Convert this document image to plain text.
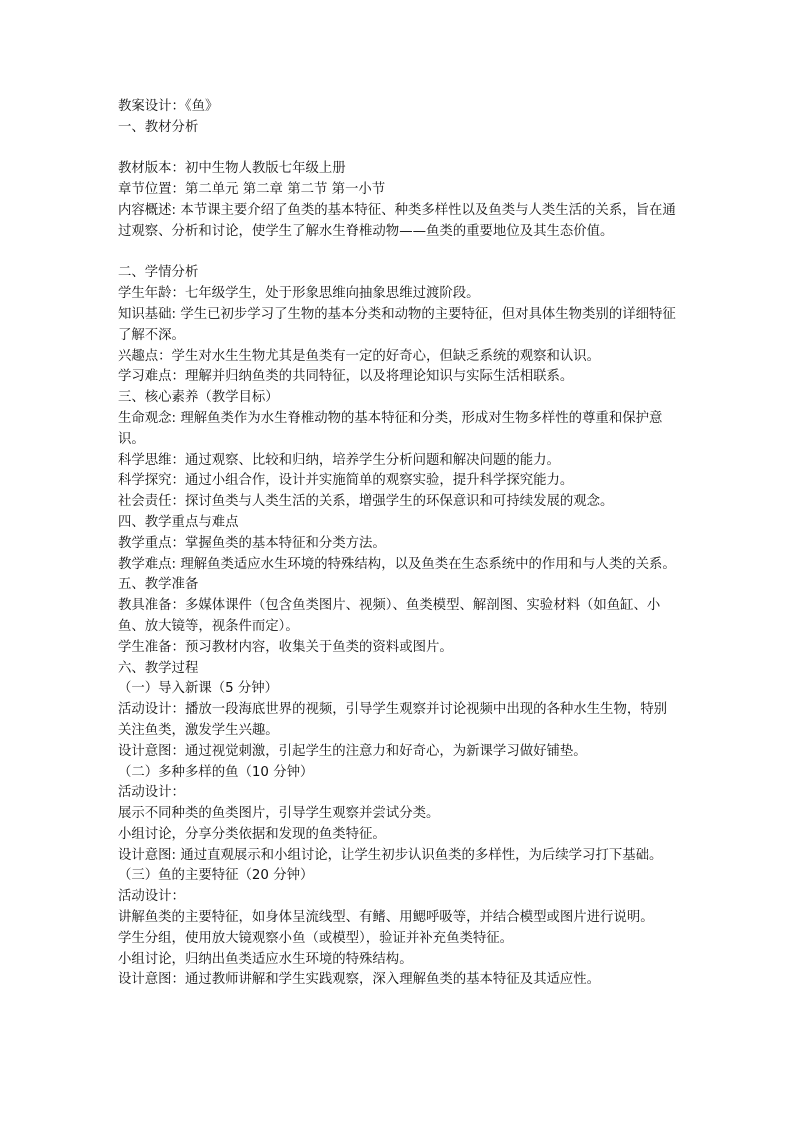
教案设计：《鱼》

一、教材分析

教材版本：初中生物人教版七年级上册

章节位置：第二单元 第二章 第二节 第一小节

内容概述: 本节课主要介绍了鱼类的基本特征、种类多样性以及鱼类与人类生活的关系，旨在通过观察、分析和讨论，使学生了解水生脊椎动物——鱼类的重要地位及其生态价值。

二、学情分析

学生年龄：七年级学生，处于形象思维向抽象思维过渡阶段。

知识基础: 学生已初步学习了生物的基本分类和动物的主要特征，但对具体生物类别的详细特征了解不深。

兴趣点：学生对水生生物尤其是鱼类有一定的好奇心，但缺乏系统的观察和认识。

学习难点：理解并归纳鱼类的共同特征，以及将理论知识与实际生活相联系。

三、核心素养（教学目标）

生命观念: 理解鱼类作为水生脊椎动物的基本特征和分类，形成对生物多样性的尊重和保护意识。

科学思维：通过观察、比较和归纳，培养学生分析问题和解决问题的能力。

科学探究：通过小组合作，设计并实施简单的观察实验，提升科学探究能力。

社会责任：探讨鱼类与人类生活的关系，增强学生的环保意识和可持续发展的观念。

四、教学重点与难点

教学重点：掌握鱼类的基本特征和分类方法。

教学难点: 理解鱼类适应水生环境的特殊结构，以及鱼类在生态系统中的作用和与人类的关系。

五、教学准备

教具准备：多媒体课件（包含鱼类图片、视频）、鱼类模型、解剖图、实验材料（如鱼缸、小鱼、放大镜等，视条件而定）。

学生准备：预习教材内容，收集关于鱼类的资料或图片。

六、教学过程

（一）导入新课（5 分钟）

活动设计：播放一段海底世界的视频，引导学生观察并讨论视频中出现的各种水生生物，特别关注鱼类，激发学生兴趣。

设计意图：通过视觉刺激，引起学生的注意力和好奇心，为新课学习做好铺垫。

（二）多种多样的鱼（10 分钟）

活动设计：

展示不同种类的鱼类图片，引导学生观察并尝试分类。

小组讨论，分享分类依据和发现的鱼类特征。

设计意图: 通过直观展示和小组讨论，让学生初步认识鱼类的多样性，为后续学习打下基础。

（三）鱼的主要特征（20 分钟）

活动设计：

讲解鱼类的主要特征，如身体呈流线型、有鳍、用鳃呼吸等，并结合模型或图片进行说明。

学生分组，使用放大镜观察小鱼（或模型），验证并补充鱼类特征。

小组讨论，归纳出鱼类适应水生环境的特殊结构。

设计意图：通过教师讲解和学生实践观察，深入理解鱼类的基本特征及其适应性。
